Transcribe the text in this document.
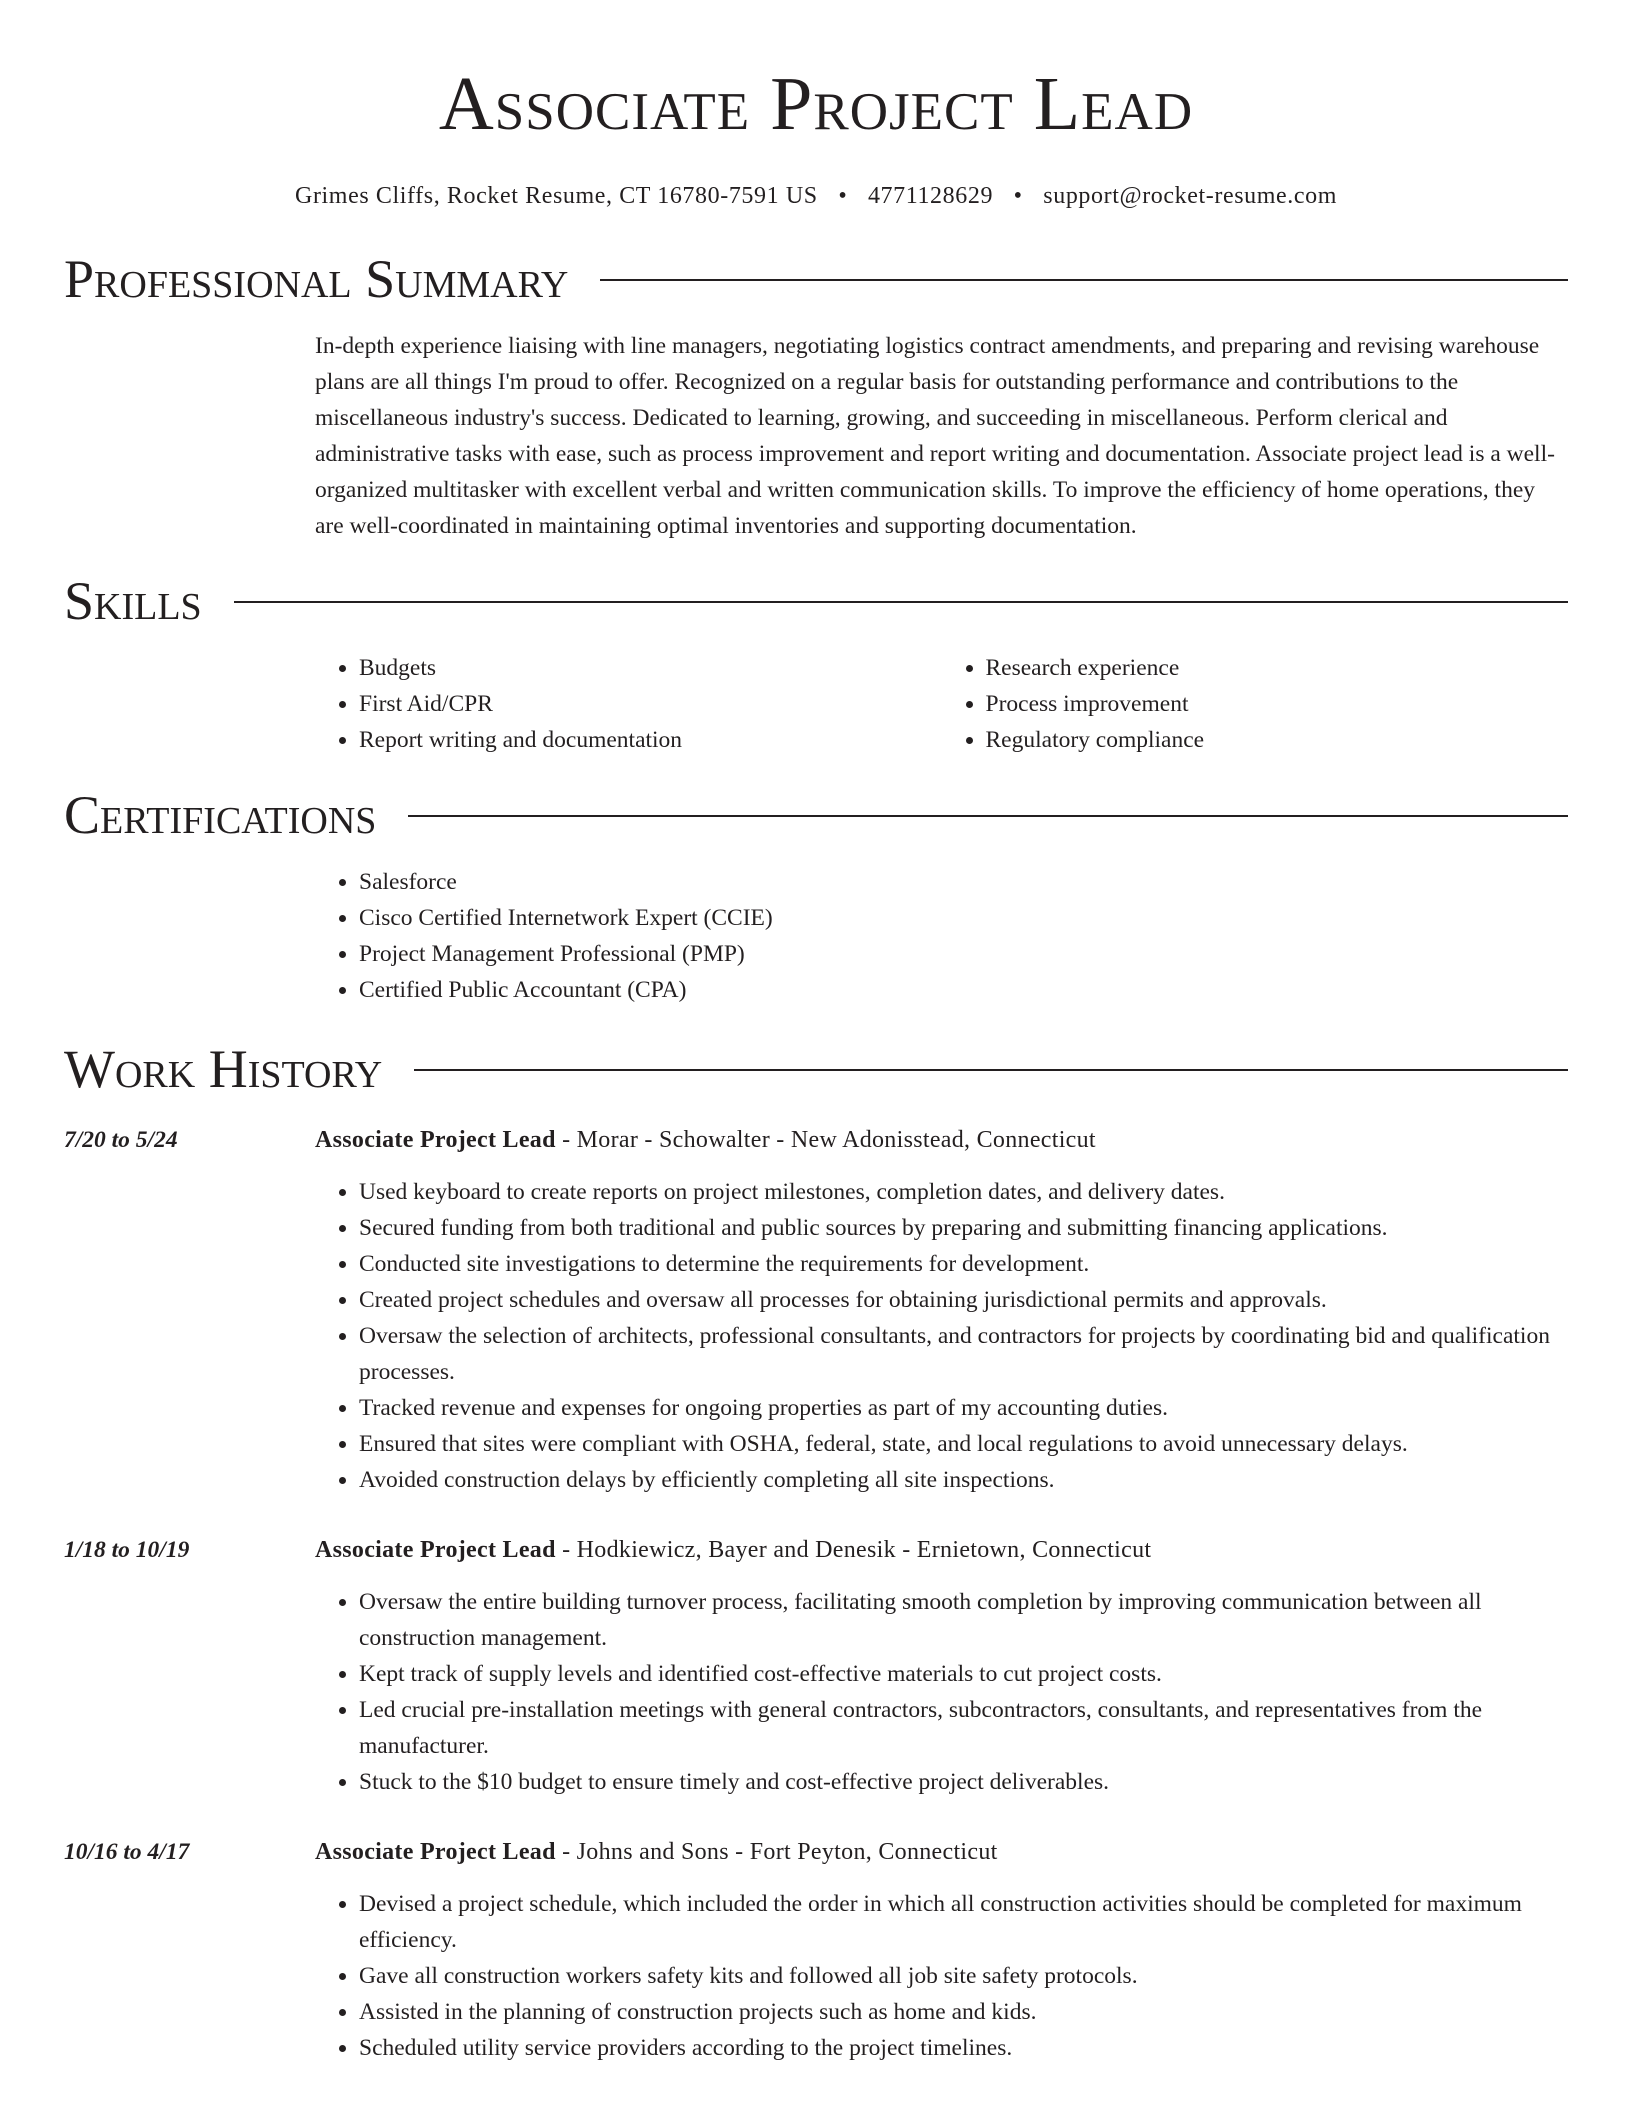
Associate Project Lead
Grimes Cliffs, Rocket Resume, CT 16780-7591 US • 4771128629 • support@rocket-resume.com
Professional Summary

In-depth experience liaising with line managers, negotiating logistics contract amendments, and preparing and revising warehouse plans are all things I'm proud to offer. Recognized on a regular basis for outstanding performance and contributions to the miscellaneous industry's success. Dedicated to learning, growing, and succeeding in miscellaneous. Perform clerical and administrative tasks with ease, such as process improvement and report writing and documentation. Associate project lead is a well-organized multitasker with excellent verbal and written communication skills. To improve the efficiency of home operations, they are well-coordinated in maintaining optimal inventories and supporting documentation.

Skills
• Budgets
• First Aid/CPR
• Report writing and documentation
• Research experience
• Process improvement
• Regulatory compliance
Certifications
• Salesforce
• Cisco Certified Internetwork Expert (CCIE)
• Project Management Professional (PMP)
• Certified Public Accountant (CPA)
Work History
7/20 to 5/24	Associate Project Lead - Morar - Schowalter - New Adonisstead, Connecticut
• Used keyboard to create reports on project milestones, completion dates, and delivery dates.
• Secured funding from both traditional and public sources by preparing and submitting financing applications.
• Conducted site investigations to determine the requirements for development.
• Created project schedules and oversaw all processes for obtaining jurisdictional permits and approvals.
• Oversaw the selection of architects, professional consultants, and contractors for projects by coordinating bid and qualification processes.
• Tracked revenue and expenses for ongoing properties as part of my accounting duties.
• Ensured that sites were compliant with OSHA, federal, state, and local regulations to avoid unnecessary delays.
• Avoided construction delays by efficiently completing all site inspections.
1/18 to 10/19	Associate Project Lead - Hodkiewicz, Bayer and Denesik - Ernietown, Connecticut
• Oversaw the entire building turnover process, facilitating smooth completion by improving communication between all construction management.
• Kept track of supply levels and identified cost-effective materials to cut project costs.
• Led crucial pre-installation meetings with general contractors, subcontractors, consultants, and representatives from the manufacturer.
• Stuck to the $10 budget to ensure timely and cost-effective project deliverables.
10/16 to 4/17	Associate Project Lead - Johns and Sons - Fort Peyton, Connecticut
• Devised a project schedule, which included the order in which all construction activities should be completed for maximum efficiency.
• Gave all construction workers safety kits and followed all job site safety protocols.
• Assisted in the planning of construction projects such as home and kids.
• Scheduled utility service providers according to the project timelines.
